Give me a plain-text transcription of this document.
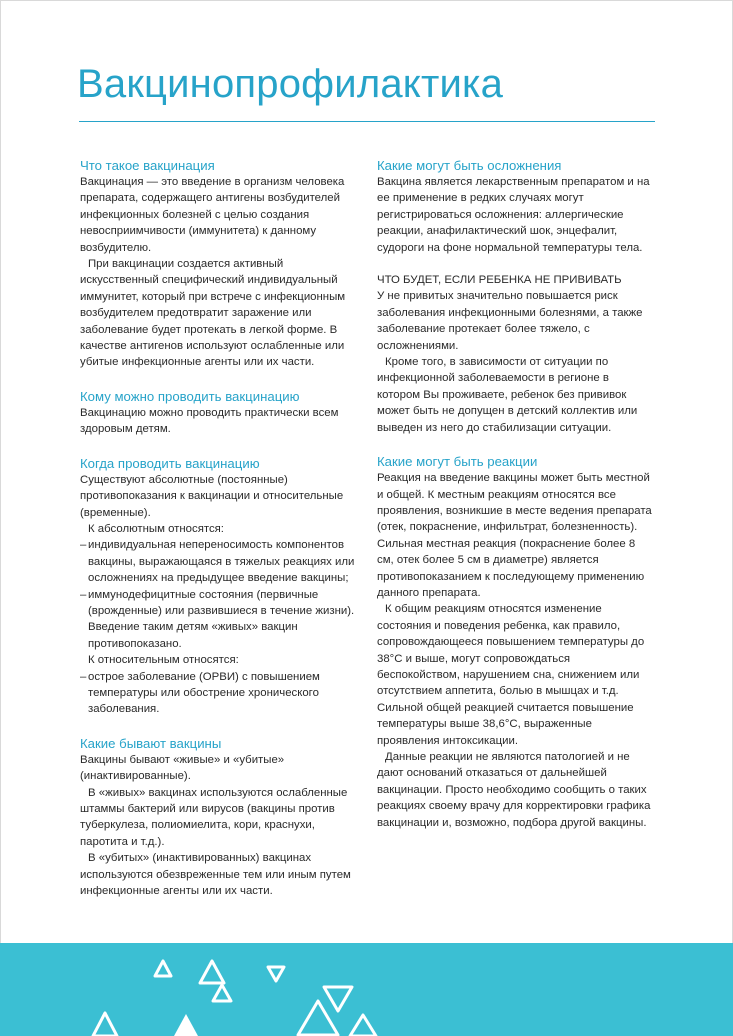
Вакцинопрофилактика
Что такое вакцинация

Вакцинация — это введение в организм человека препарата, содержащего антигены возбудителей инфекционных болезней с целью создания невосприимчивости (иммунитета) к данному возбудителю.

При вакцинации создается активный искусственный специфический индивидуальный иммунитет, который при встрече с инфекционным возбудителем предотвратит заражение или заболевание будет протекать в легкой форме. В качестве антигенов используют ослабленные или убитые инфекционные агенты или их части.

Кому можно проводить вакцинацию

Вакцинацию можно проводить практически всем здоровым детям.

Когда проводить вакцинацию

Существуют абсолютные (постоянные) противопоказания к вакцинации и относительные (временные).

К абсолютным относятся:

– индивидуальная непереносимость компонентов вакцины, выражающаяся в тяжелых реакциях или осложнениях на предыдущее введение вакцины;
– иммунодефицитные состояния (первичные (врожденные) или развившиеся в течение жизни). Введение таким детям «живых» вакцин противопоказано.

К относительным относятся:

– острое заболевание (ОРВИ) с повышением температуры или обострение хронического заболевания.
Какие бывают вакцины

Вакцины бывают «живые» и «убитые» (инактивированные).

В «живых» вакцинах используются ослабленные штаммы бактерий или вирусов (вакцины против туберкулеза, полиомиелита, кори, краснухи, паротита и т.д.).

В «убитых» (инактивированных) вакцинах используются обезвреженные тем или иным путем инфекционные агенты или их части.

Какие могут быть осложнения

Вакцина является лекарственным препаратом и на ее применение в редких случаях могут регистрироваться осложнения: аллергические реакции, анафилактический шок, энцефалит, судороги на фоне нормальной температуры тела.

ЧТО БУДЕТ, ЕСЛИ РЕБЕНКА НЕ ПРИВИВАТЬ

У не привитых значительно повышается риск заболевания инфекционными болезнями, а также заболевание протекает более тяжело, с осложнениями.

Кроме того, в зависимости от ситуации по инфекционной заболеваемости в регионе в котором Вы проживаете, ребенок без прививок может быть не допущен в детский коллектив или выведен из него до стабилизации ситуации.

Какие могут быть реакции

Реакция на введение вакцины может быть местной и общей. К местным реакциям относятся все проявления, возникшие в месте ведения препарата (отек, покраснение, инфильтрат, болезненность). Сильная местная реакция (покраснение более 8 см, отек более 5 см в диаметре) является противопоказанием к последующему применению данного препарата.

К общим реакциям относятся изменение состояния и поведения ребенка, как правило, сопровождающееся повышением температуры до 38°С и выше, могут сопровождаться беспокойством, нарушением сна, снижением или отсутствием аппетита, болью в мышцах и т.д. Сильной общей реакцией считается повышение температуры выше 38,6°С, выраженные проявления интоксикации.

Данные реакции не являются патологией и не дают оснований отказаться от дальнейшей вакцинации. Просто необходимо сообщить о таких реакциях своему врачу для корректировки графика вакцинации и, возможно, подбора другой вакцины.
